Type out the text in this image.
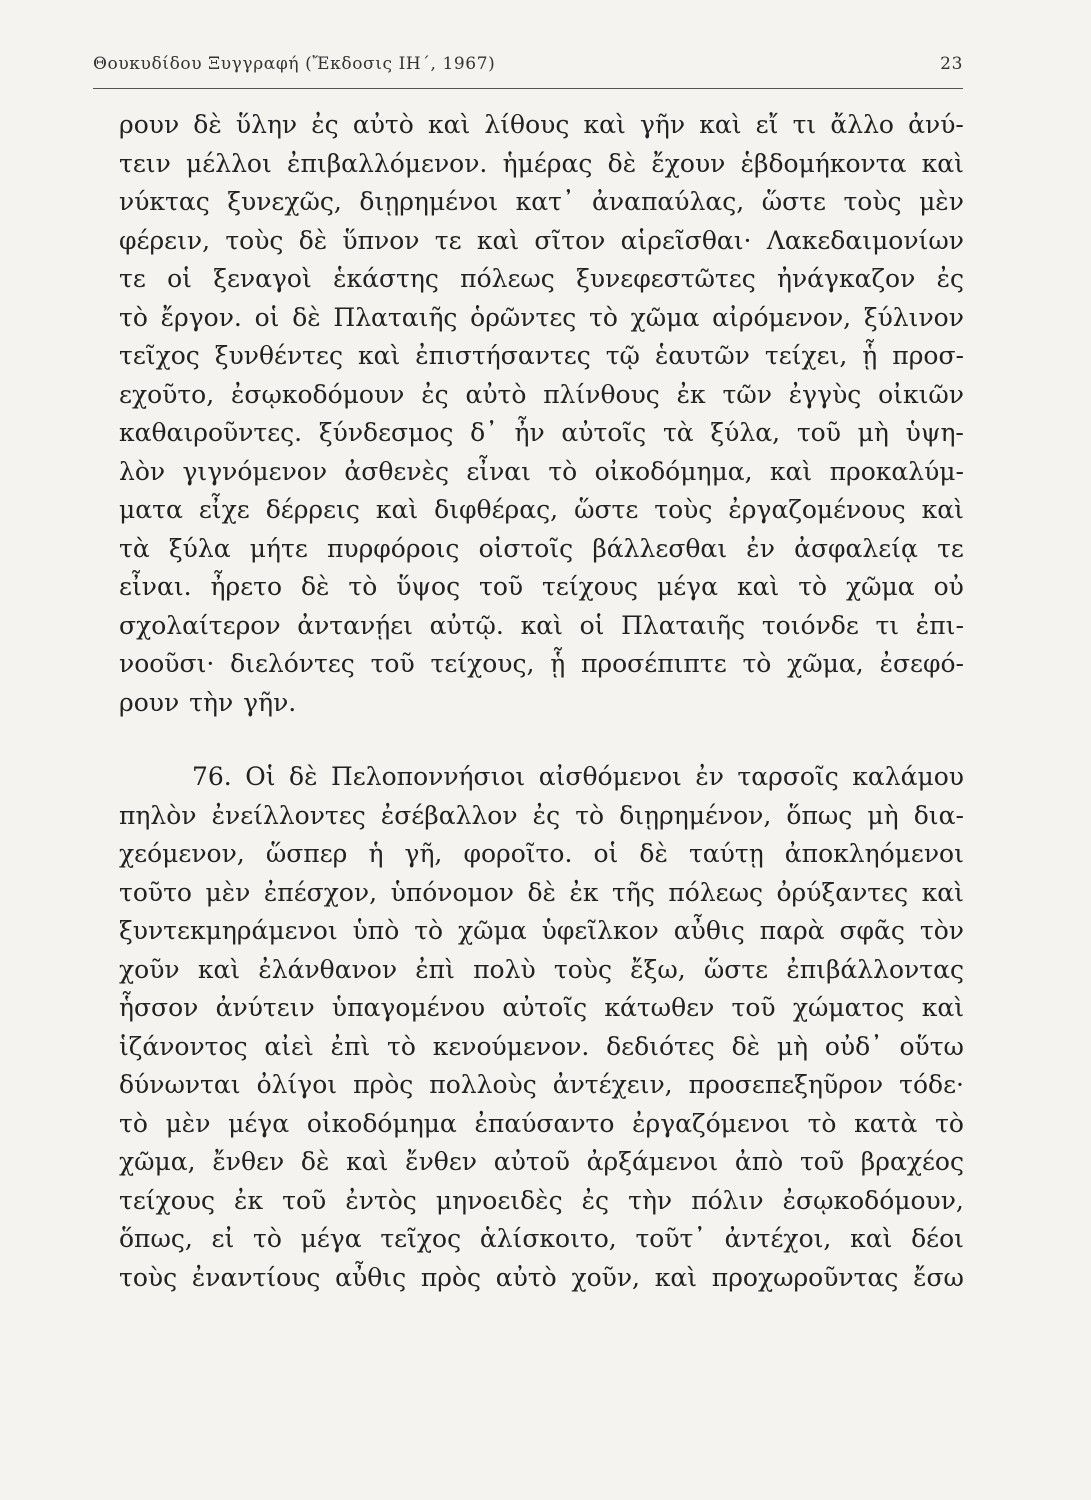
Θουκυδίδου Ξυγγραφή (Ἔκδοσις ΙΗ΄, 1967)	23
ρουν δὲ ὕλην ἐς αὐτὸ καὶ λίθους καὶ γῆν καὶ εἴ τι ἄλλο ἀνύ-
τειν μέλλοι ἐπιβαλλόμενον. ἡμέρας δὲ ἔχουν ἑβδομήκοντα καὶ
νύκτας ξυνεχῶς, διῃρημένοι κατ᾽ ἀναπαύλας, ὥστε τοὺς μὲν
φέρειν, τοὺς δὲ ὕπνον τε καὶ σῖτον αἱρεῖσθαι· Λακεδαιμονίων
τε οἱ ξεναγοὶ ἑκάστης πόλεως ξυνεφεστῶτες ἠνάγκαζον ἐς
τὸ ἔργον. οἱ δὲ Πλαταιῆς ὁρῶντες τὸ χῶμα αἰρόμενον, ξύλινον
τεῖχος ξυνθέντες καὶ ἐπιστήσαντες τῷ ἑαυτῶν τείχει, ᾗ προσ-
εχοῦτο, ἐσῳκοδόμουν ἐς αὐτὸ πλίνθους ἐκ τῶν ἐγγὺς οἰκιῶν
καθαιροῦντες. ξύνδεσμος δ᾽ ἦν αὐτοῖς τὰ ξύλα, τοῦ μὴ ὑψη-
λὸν γιγνόμενον ἀσθενὲς εἶναι τὸ οἰκοδόμημα, καὶ προκαλύμ-
ματα εἶχε δέρρεις καὶ διφθέρας, ὥστε τοὺς ἐργαζομένους καὶ
τὰ ξύλα μήτε πυρφόροις οἰστοῖς βάλλεσθαι ἐν ἀσφαλείᾳ τε
εἶναι. ἦρετο δὲ τὸ ὕψος τοῦ τείχους μέγα καὶ τὸ χῶμα οὐ
σχολαίτερον ἀντανῄει αὐτῷ. καὶ οἱ Πλαταιῆς τοιόνδε τι ἐπι-
νοοῦσι· διελόντες τοῦ τείχους, ᾗ προσέπιπτε τὸ χῶμα, ἐσεφό-
ρουν τὴν γῆν.
76. Οἱ δὲ Πελοποννήσιοι αἰσθόμενοι ἐν ταρσοῖς καλάμου
πηλὸν ἐνείλλοντες ἐσέβαλλον ἐς τὸ διῃρημένον, ὅπως μὴ δια-
χεόμενον, ὥσπερ ἡ γῆ, φοροῖτο. οἱ δὲ ταύτῃ ἀποκληόμενοι
τοῦτο μὲν ἐπέσχον, ὑπόνομον δὲ ἐκ τῆς πόλεως ὀρύξαντες καὶ
ξυντεκμηράμενοι ὑπὸ τὸ χῶμα ὑφεῖλκον αὖθις παρὰ σφᾶς τὸν
χοῦν καὶ ἐλάνθανον ἐπὶ πολὺ τοὺς ἔξω, ὥστε ἐπιβάλλοντας
ἧσσον ἀνύτειν ὑπαγομένου αὐτοῖς κάτωθεν τοῦ χώματος καὶ
ἱζάνοντος αἰεὶ ἐπὶ τὸ κενούμενον. δεδιότες δὲ μὴ οὐδ᾽ οὕτω
δύνωνται ὀλίγοι πρὸς πολλοὺς ἀντέχειν, προσεπεξηῦρον τόδε·
τὸ μὲν μέγα οἰκοδόμημα ἐπαύσαντο ἐργαζόμενοι τὸ κατὰ τὸ
χῶμα, ἔνθεν δὲ καὶ ἔνθεν αὐτοῦ ἀρξάμενοι ἀπὸ τοῦ βραχέος
τείχους ἐκ τοῦ ἐντὸς μηνοειδὲς ἐς τὴν πόλιν ἐσῳκοδόμουν,
ὅπως, εἰ τὸ μέγα τεῖχος ἁλίσκοιτο, τοῦτ᾽ ἀντέχοι, καὶ δέοι
τοὺς ἐναντίους αὖθις πρὸς αὐτὸ χοῦν, καὶ προχωροῦντας ἔσω
